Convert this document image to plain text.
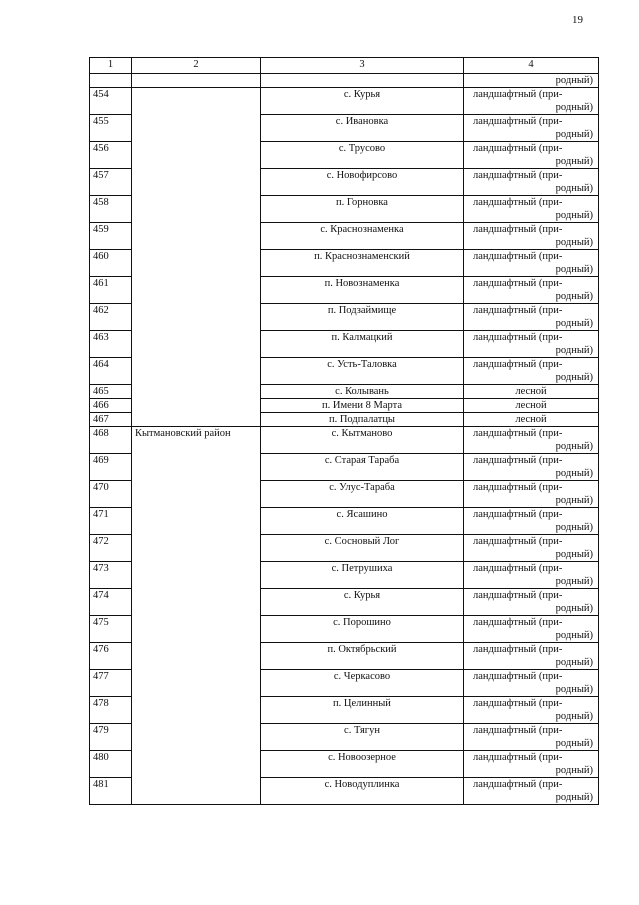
19
1	2	3	4

			родный)

454		с. Курья	ландшафтный (при-
родный)

455		с. Ивановка	ландшафтный (при-
родный)

456		с. Трусово	ландшафтный (при-
родный)

457		с. Новофирсово	ландшафтный (при-
родный)

458		п. Горновка	ландшафтный (при-
родный)

459		с. Краснознаменка	ландшафтный (при-
родный)

460		п. Краснознаменский	ландшафтный (при-
родный)

461		п. Новознаменка	ландшафтный (при-
родный)

462		п. Подзаймище	ландшафтный (при-
родный)

463		п. Калмацкий	ландшафтный (при-
родный)

464		с. Усть-Таловка	ландшафтный (при-
родный)

465		с. Колывань	лесной

466		п. Имени 8 Марта	лесной

467		п. Подпалатцы	лесной

468	Кытмановский район	с. Кытманово	ландшафтный (при-
родный)

469		с. Старая Тараба	ландшафтный (при-
родный)

470		с. Улус-Тараба	ландшафтный (при-
родный)

471		с. Ясашино	ландшафтный (при-
родный)

472		с. Сосновый Лог	ландшафтный (при-
родный)

473		с. Петрушиха	ландшафтный (при-
родный)

474		с. Курья	ландшафтный (при-
родный)

475		с. Порошино	ландшафтный (при-
родный)

476		п. Октябрьский	ландшафтный (при-
родный)

477		с. Черкасово	ландшафтный (при-
родный)

478		п. Целинный	ландшафтный (при-
родный)

479		с. Тягун	ландшафтный (при-
родный)

480		с. Новоозерное	ландшафтный (при-
родный)

481		с. Новодуплинка	ландшафтный (при-
родный)
